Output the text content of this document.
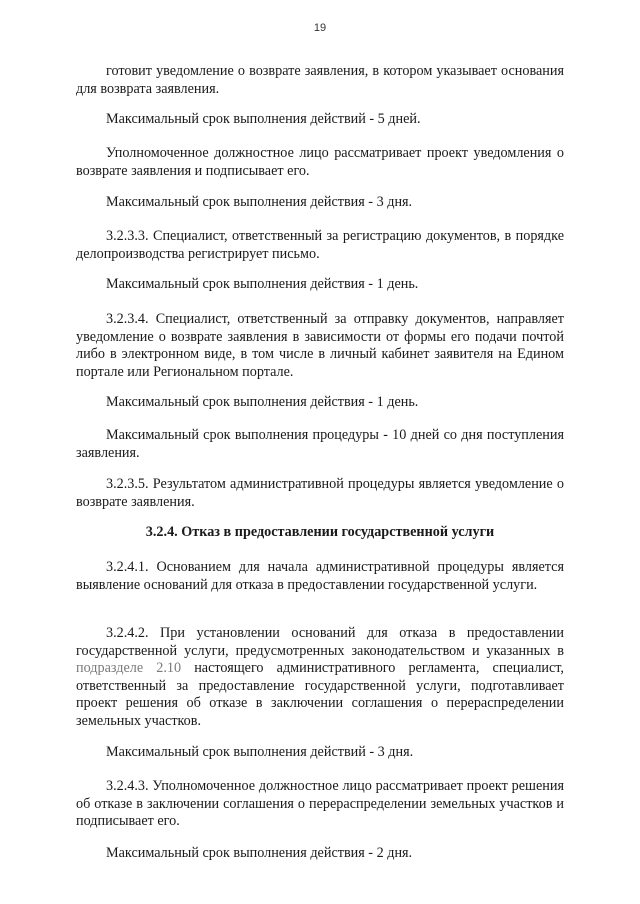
19

готовит уведомление о возврате заявления, в котором указывает основания для возврата заявления.

Максимальный срок выполнения действий - 5 дней.

Уполномоченное должностное лицо рассматривает проект уведомления о возврате заявления и подписывает его.

Максимальный срок выполнения действия - 3 дня.

3.2.3.3. Специалист, ответственный за регистрацию документов, в порядке делопроизводства регистрирует письмо.

Максимальный срок выполнения действия - 1 день.

3.2.3.4. Специалист, ответственный за отправку документов, направляет уведомление о возврате заявления в зависимости от формы его подачи почтой либо в электронном виде, в том числе в личный кабинет заявителя на Едином портале или Региональном портале.

Максимальный срок выполнения действия - 1 день.

Максимальный срок выполнения процедуры - 10 дней со дня поступления заявления.

3.2.3.5. Результатом административной процедуры является уведомление о возврате заявления.

3.2.4. Отказ в предоставлении государственной услуги

3.2.4.1. Основанием для начала административной процедуры является выявление оснований для отказа в предоставлении государственной услуги.

3.2.4.2. При установлении оснований для отказа в предоставлении государственной услуги, предусмотренных законодательством и указанных в подразделе 2.10 настоящего административного регламента, специалист, ответственный за предоставление государственной услуги, подготавливает проект решения об отказе в заключении соглашения о перераспределении земельных участков.

Максимальный срок выполнения действий - 3 дня.

3.2.4.3. Уполномоченное должностное лицо рассматривает проект решения об отказе в заключении соглашения о перераспределении земельных участков и подписывает его.

Максимальный срок выполнения действия - 2 дня.
